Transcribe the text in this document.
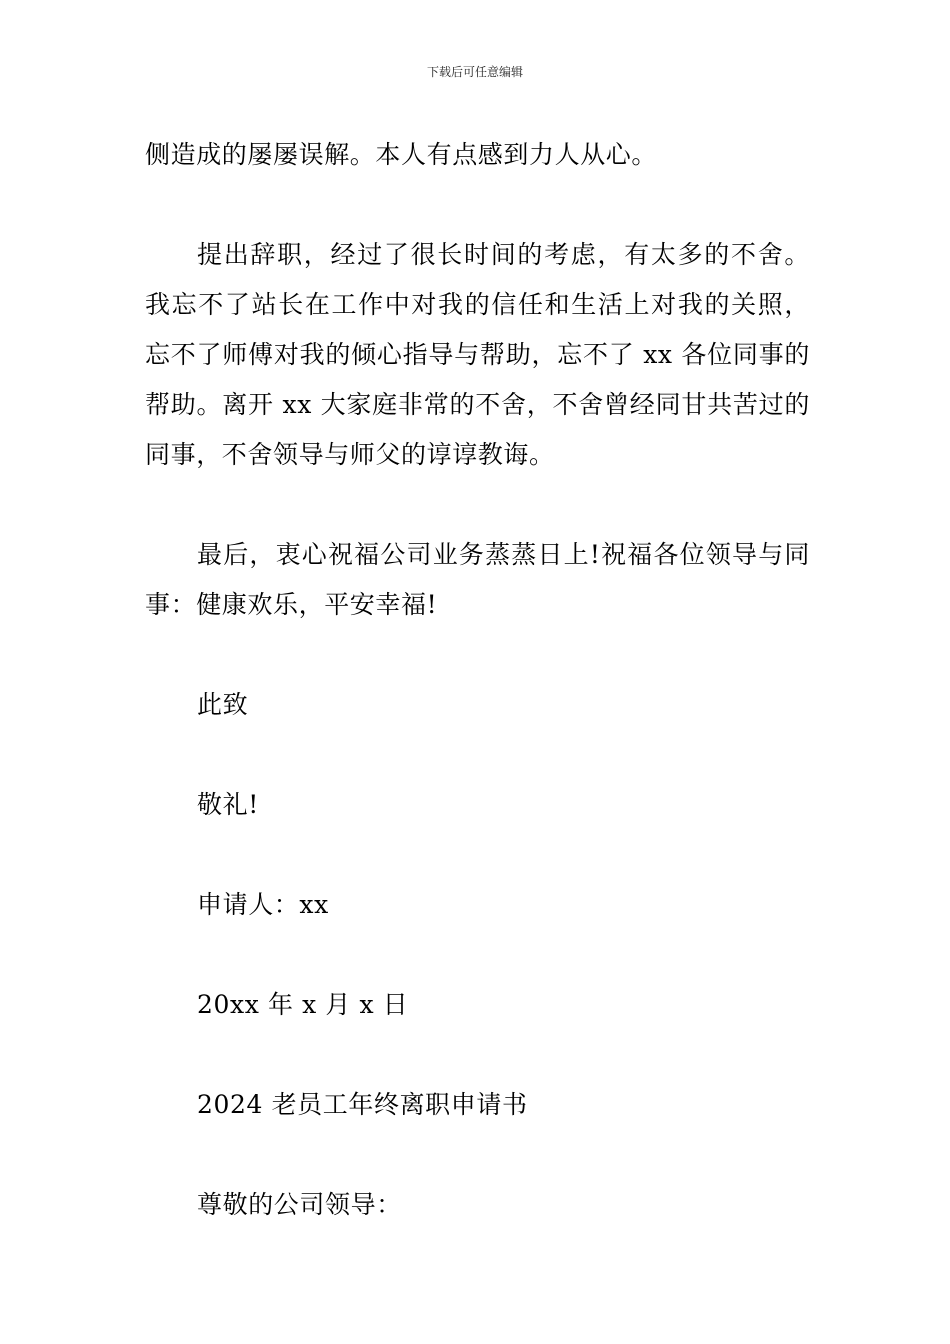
下载后可任意编辑

侧造成的屡屡误解。本人有点感到力人从心。

提出辞职，经过了很长时间的考虑，有太多的不舍。我忘不了站长在工作中对我的信任和生活上对我的关照，忘不了师傅对我的倾心指导与帮助，忘不了 xx 各位同事的帮助。离开 xx 大家庭非常的不舍，不舍曾经同甘共苦过的同事，不舍领导与师父的谆谆教诲。

最后，衷心祝福公司业务蒸蒸日上!祝福各位领导与同事：健康欢乐，平安幸福!

此致

敬礼!

申请人：xx

20xx 年 x 月 x 日

2024 老员工年终离职申请书

尊敬的公司领导：
